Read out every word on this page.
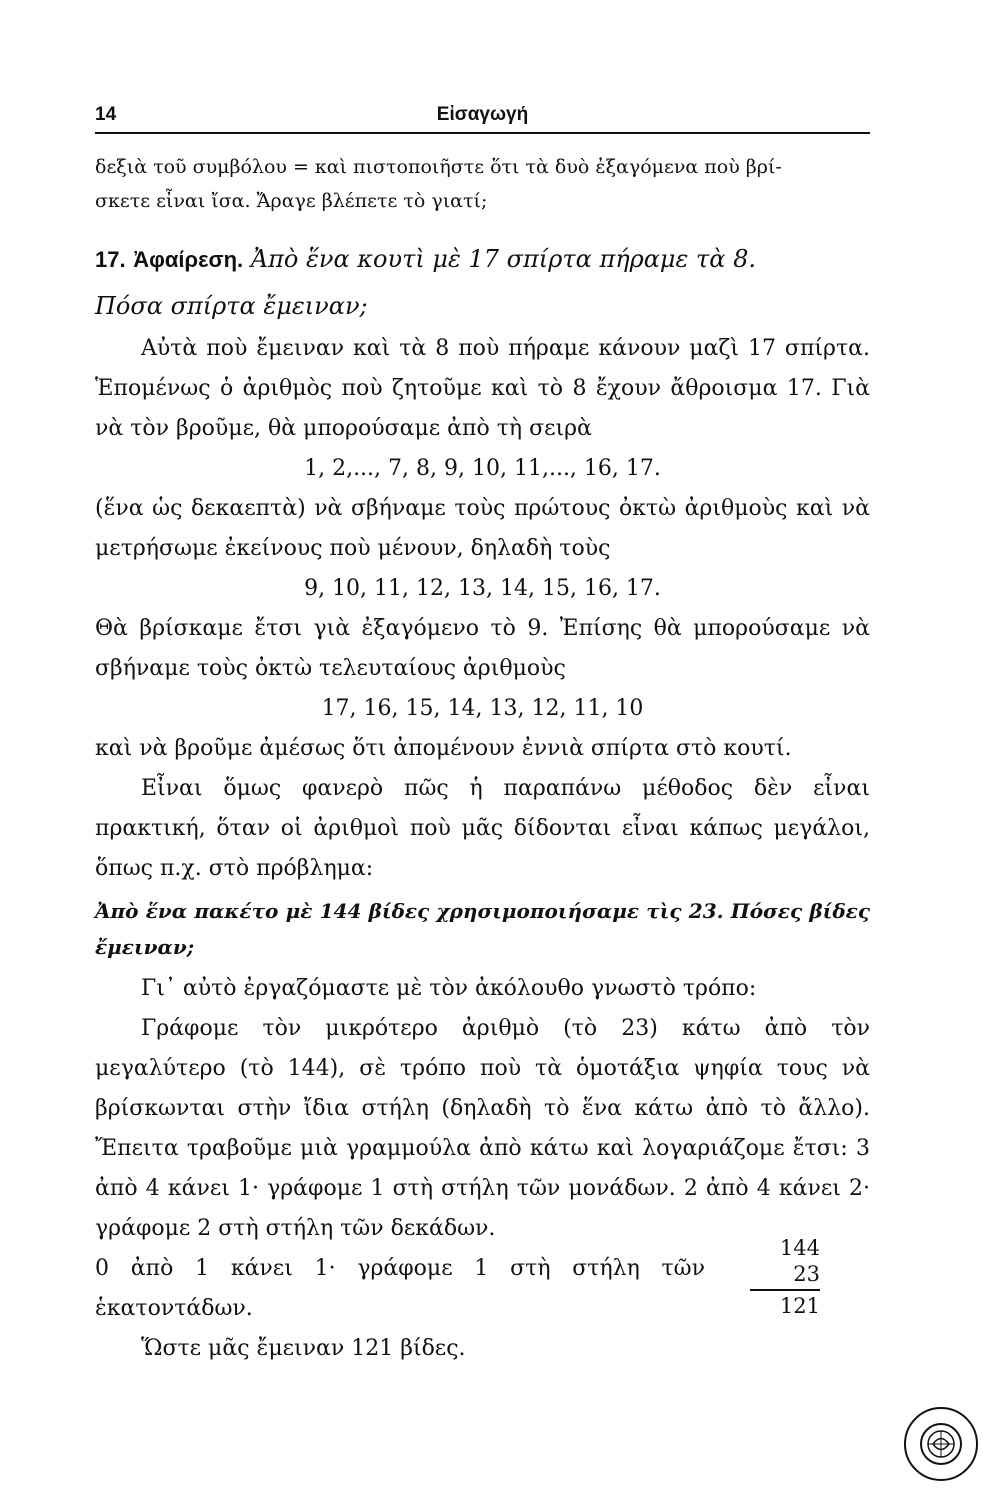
14	Εἰσαγωγή
δεξιὰ τοῦ συμβόλου = καὶ πιστοποιῆστε ὅτι τὰ δυὸ ἐξαγόμενα ποὺ βρί-
σκετε εἶναι ἴσα. Ἄραγε βλέπετε τὸ γιατί;

17. Ἀφαίρεση. Ἀπὸ ἕνα κουτὶ μὲ 17 σπίρτα πήραμε τὰ 8.

Πόσα σπίρτα ἔμειναν;

Αὐτὰ ποὺ ἔμειναν καὶ τὰ 8 ποὺ πήραμε κάνουν μαζὶ 17 σπίρτα. Ἑπομένως ὁ ἀριθμὸς ποὺ ζητοῦμε καὶ τὸ 8 ἔχουν ἄθροισμα 17. Γιὰ νὰ τὸν βροῦμε, θὰ μπορούσαμε ἀπὸ τὴ σειρὰ

1, 2,..., 7, 8, 9, 10, 11,..., 16, 17.

(ἕνα ὡς δεκαεπτὰ) νὰ σβήναμε τοὺς πρώτους ὀκτὼ ἀριθμοὺς καὶ νὰ μετρήσωμε ἐκείνους ποὺ μένουν, δηλαδὴ τοὺς

9, 10, 11, 12, 13, 14, 15, 16, 17.

Θὰ βρίσκαμε ἔτσι γιὰ ἐξαγόμενο τὸ 9. Ἐπίσης θὰ μπορούσαμε νὰ σβήναμε τοὺς ὀκτὼ τελευταίους ἀριθμοὺς

17, 16, 15, 14, 13, 12, 11, 10

καὶ νὰ βροῦμε ἀμέσως ὅτι ἀπομένουν ἐννιὰ σπίρτα στὸ κουτί.

Εἶναι ὅμως φανερὸ πῶς ἡ παραπάνω μέθοδος δὲν εἶναι πρακτική, ὅταν οἱ ἀριθμοὶ ποὺ μᾶς δίδονται εἶναι κάπως μεγάλοι, ὅπως π.χ. στὸ πρόβλημα:

Ἀπὸ ἕνα πακέτο μὲ 144 βίδες χρησιμοποιήσαμε τὶς 23. Πόσες βίδες ἔμειναν;

Γι᾽ αὐτὸ ἐργαζόμαστε μὲ τὸν ἀκόλουθο γνωστὸ τρόπο:

Γράφομε τὸν μικρότερο ἀριθμὸ (τὸ 23) κάτω ἀπὸ τὸν μεγαλύτερο (τὸ 144), σὲ τρόπο ποὺ τὰ ὁμοτάξια ψηφία τους νὰ βρίσκωνται στὴν ἴδια στήλη (δηλαδὴ τὸ ἕνα κάτω ἀπὸ τὸ ἄλλο). Ἔπειτα τραβοῦμε μιὰ γραμμούλα ἀπὸ κάτω καὶ λογαριάζομε ἔτσι: 3 ἀπὸ 4 κάνει 1· γράφομε 1 στὴ στήλη τῶν μονάδων. 2 ἀπὸ 4 κάνει 2· γράφομε 2 στὴ στήλη τῶν δεκάδων.

0 ἀπὸ 1 κάνει 1· γράφομε 1 στὴ στήλη τῶν ἑκατοντάδων.
144
23
121

Ὥστε μᾶς ἔμειναν 121 βίδες.
